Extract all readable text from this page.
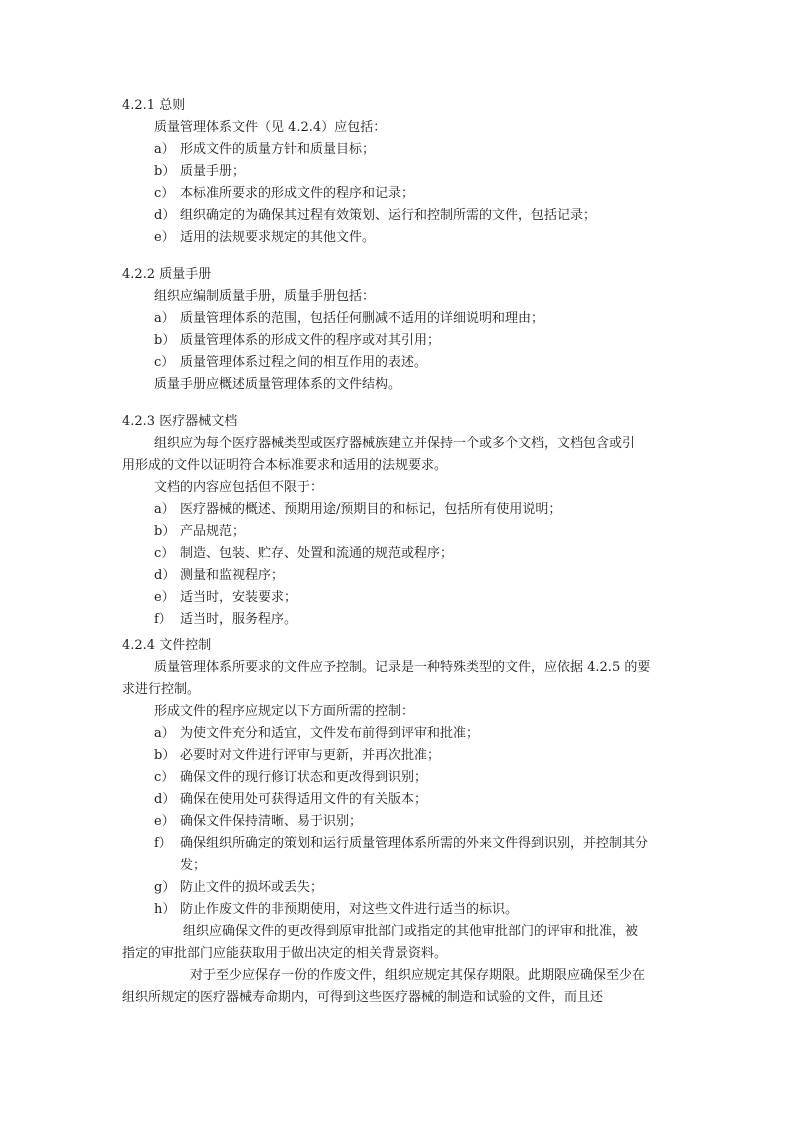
4.2.1 总则
质量管理体系文件（见 4.2.4）应包括：
a） 形成文件的质量方针和质量目标；
b） 质量手册；
c） 本标准所要求的形成文件的程序和记录；
d） 组织确定的为确保其过程有效策划、运行和控制所需的文件，包括记录；
e） 适用的法规要求规定的其他文件。
4.2.2 质量手册
组织应编制质量手册，质量手册包括：
a） 质量管理体系的范围，包括任何删减不适用的详细说明和理由；
b） 质量管理体系的形成文件的程序或对其引用；
c） 质量管理体系过程之间的相互作用的表述。
质量手册应概述质量管理体系的文件结构。
4.2.3 医疗器械文档
组织应为每个医疗器械类型或医疗器械族建立并保持一个或多个文档，文档包含或引
用形成的文件以证明符合本标准要求和适用的法规要求。
文档的内容应包括但不限于：
a） 医疗器械的概述、预期用途/预期目的和标记，包括所有使用说明；
b） 产品规范；
c） 制造、包装、贮存、处置和流通的规范或程序；
d） 测量和监视程序；
e） 适当时，安装要求；
f） 适当时，服务程序。
4.2.4 文件控制
质量管理体系所要求的文件应予控制。记录是一种特殊类型的文件，应依据 4.2.5 的要
求进行控制。
形成文件的程序应规定以下方面所需的控制：
a） 为使文件充分和适宜，文件发布前得到评审和批准；
b） 必要时对文件进行评审与更新，并再次批准；
c） 确保文件的现行修订状态和更改得到识别；
d） 确保在使用处可获得适用文件的有关版本；
e） 确保文件保持清晰、易于识别；
f） 确保组织所确定的策划和运行质量管理体系所需的外来文件得到识别，并控制其分
发；
g） 防止文件的损坏或丢失；
h） 防止作废文件的非预期使用，对这些文件进行适当的标识。
组织应确保文件的更改得到原审批部门或指定的其他审批部门的评审和批准，被
指定的审批部门应能获取用于做出决定的相关背景资料。
对于至少应保存一份的作废文件，组织应规定其保存期限。此期限应确保至少在
组织所规定的医疗器械寿命期内，可得到这些医疗器械的制造和试验的文件，而且还
